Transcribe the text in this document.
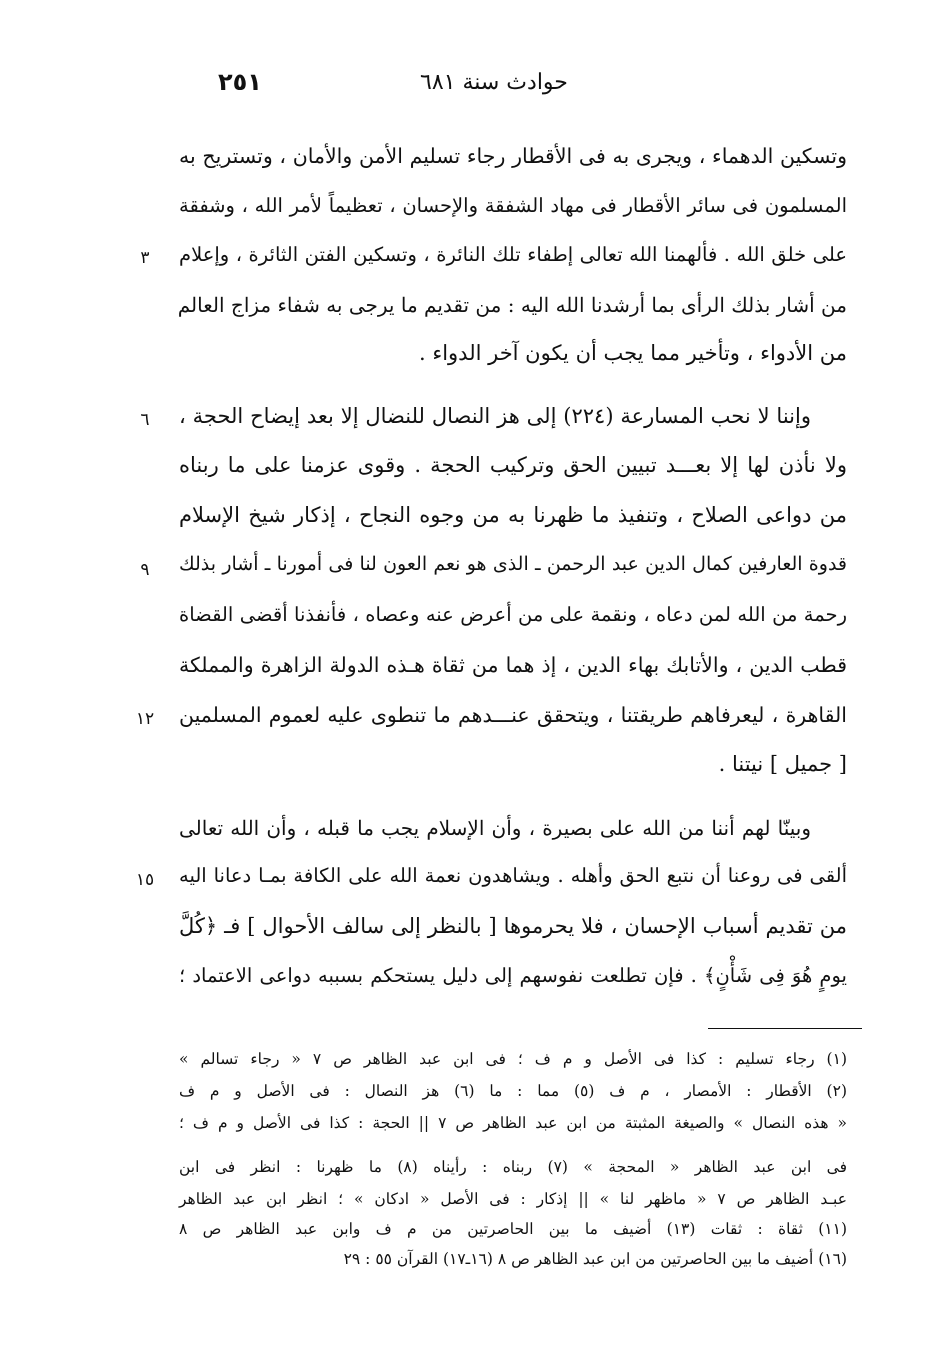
٢٥١	حوادث سنة ٦٨١
وتسكين الدهماء ، ويجرى به فى الأقطار رجاء تسليم الأمن والأمان ، وتستريح به
المسلمون فى سائر الأقطار فى مهاد الشفقة والإحسان ، تعظيماً لأمر الله ، وشفقة
على خلق الله . فألهمنا الله تعالى إطفاء تلك النائرة ، وتسكين الفتن الثائرة ، وإعلام
من أشار بذلك الرأى بما أرشدنا الله اليه : من تقديم ما يرجى به شفاء مزاج العالم
من الأدواء ، وتأخير مما يجب أن يكون آخر الدواء .
وإننا لا نحب المسارعة (٢٢٤) إلى هز النصال للنضال إلا بعد إيضاح الحجة ،
ولا نأذن لها إلا بعـــد تبيين الحق وتركيب الحجة . وقوى عزمنا على ما ربناه
من دواعى الصلاح ، وتنفيذ ما ظهرنا به من وجوه النجاح ، إذكار شيخ الإسلام
قدوة العارفين كمال الدين عبد الرحمن ـ الذى هو نعم العون لنا فى أمورنا ـ أشار بذلك
رحمة من الله لمن دعاه ، ونقمة على من أعرض عنه وعصاه ، فأنفذنا أقضى القضاة
قطب الدين ، والأتابك بهاء الدين ، إذ هما من ثقاة هـذه الدولة الزاهرة والمملكة
القاهرة ، ليعرفاهم طريقتنا ، ويتحقق عنـــدهم ما تنطوى عليه لعموم المسلمين
[ جميل ] نيتنا .
وبينّا لهم أننا من الله على بصيرة ، وأن الإسلام يجب ما قبله ، وأن الله تعالى
ألقى فى روعنا أن نتبع الحق وأهله . ويشاهدون نعمة الله على الكافة بمـا دعانا اليه
من تقديم أسباب الإحسان ، فلا يحرموها [ بالنظر إلى سالف الأحوال ] فـ ﴿كُلَّ
يومٍ هُوَ فِى شَأْنٍ﴾ . فإن تطلعت نفوسهم إلى دليل يستحكم بسببه دواعى الاعتماد ؛
٣
٦
٩
١٢
١٥
(١) رجاء تسليم : كذا فى الأصل و م ف ؛ فى ابن عبد الظاهر ص ٧ « رجاء تسالم »
(٢) الأقطار : الأمصار ، م ف (٥) مما : ما (٦) هز النصال : فى الأصل و م ف
« هذه النصال » والصيغة المثبتة من ابن عبد الظاهر ص ٧ || الحجة : كذا فى الأصل و م ف ؛
فى ابن عبد الظاهر « المحجة » (٧) ربناه : رأيناه (٨) ما ظهرنا : انظر فى ابن
عبـد الظاهر ص ٧ « ماظهر لنا » || إذكار : فى الأصل « ادكان » ؛ انظر ابن عبد الظاهر
(١١) ثقاة : ثقات (١٣) أضيف ما بين الحاصرتين من م ف وابن عبد الظاهر ص ٨
(١٦) أضيف ما بين الحاصرتين من ابن عبد الظاهر ص ٨ (١٦ـ١٧) القرآن ٥٥ : ٢٩
